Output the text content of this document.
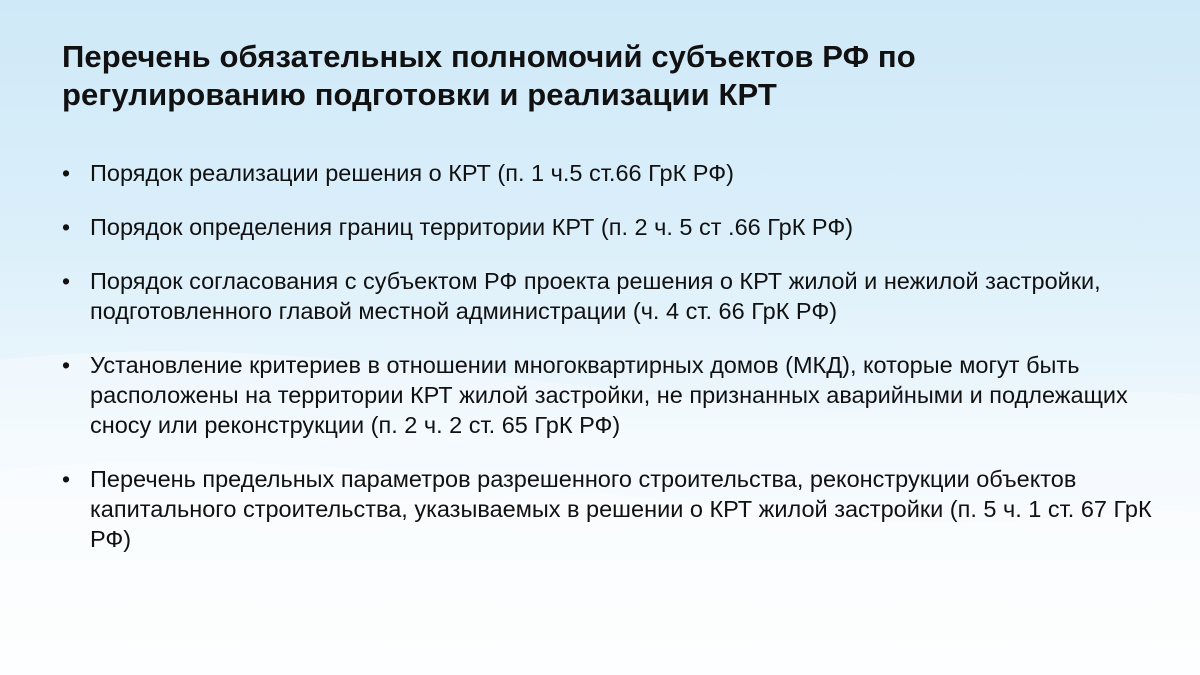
Перечень обязательных полномочий субъектов РФ по регулированию подготовки и реализации КРТ
• Порядок реализации решения о КРТ (п. 1 ч.5 ст.66 ГрК РФ)
• Порядок определения границ территории КРТ (п. 2 ч. 5 ст .66 ГрК РФ)
• Порядок согласования с субъектом РФ проекта решения о КРТ жилой и нежилой застройки, подготовленного главой местной администрации (ч. 4 ст. 66 ГрК РФ)
• Установление критериев в отношении многоквартирных домов (МКД), которые могут быть расположены на территории КРТ жилой застройки, не признанных аварийными и подлежащих сносу или реконструкции (п. 2 ч. 2 ст. 65 ГрК РФ)
• Перечень предельных параметров разрешенного строительства, реконструкции объектов капитального строительства, указываемых в решении о КРТ жилой застройки (п. 5 ч. 1 ст. 67 ГрК РФ)
